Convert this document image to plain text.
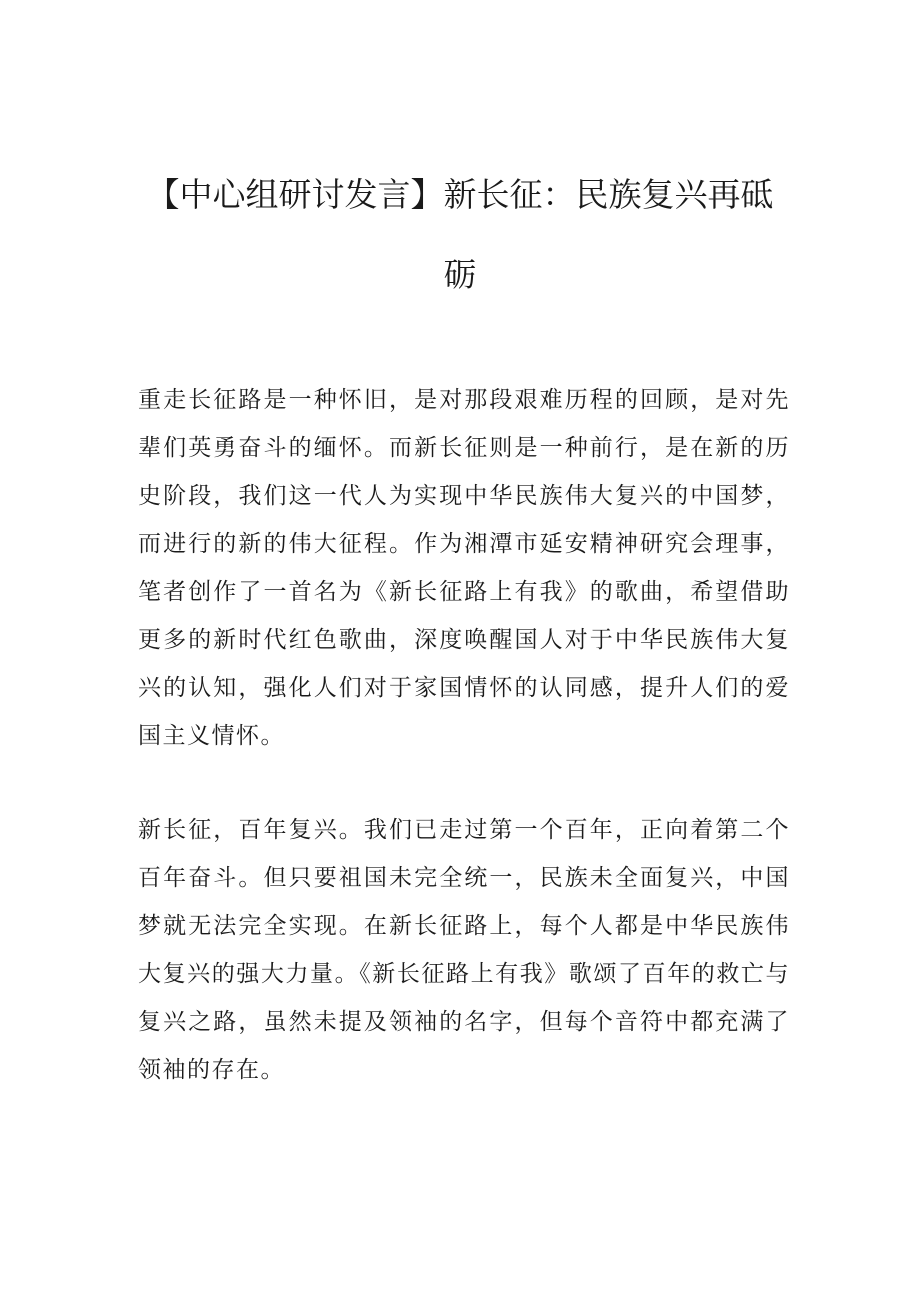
【中心组研讨发言】新长征：民族复兴再砥砺

重走长征路是一种怀旧，是对那段艰难历程的回顾，是对先辈们英勇奋斗的缅怀。而新长征则是一种前行，是在新的历史阶段，我们这一代人为实现中华民族伟大复兴的中国梦，而进行的新的伟大征程。作为湘潭市延安精神研究会理事，笔者创作了一首名为《新长征路上有我》的歌曲，希望借助更多的新时代红色歌曲，深度唤醒国人对于中华民族伟大复兴的认知，强化人们对于家国情怀的认同感，提升人们的爱国主义情怀。

新长征，百年复兴。我们已走过第一个百年，正向着第二个百年奋斗。但只要祖国未完全统一，民族未全面复兴，中国梦就无法完全实现。在新长征路上，每个人都是中华民族伟大复兴的强大力量。《新长征路上有我》歌颂了百年的救亡与复兴之路，虽然未提及领袖的名字，但每个音符中都充满了领袖的存在。
